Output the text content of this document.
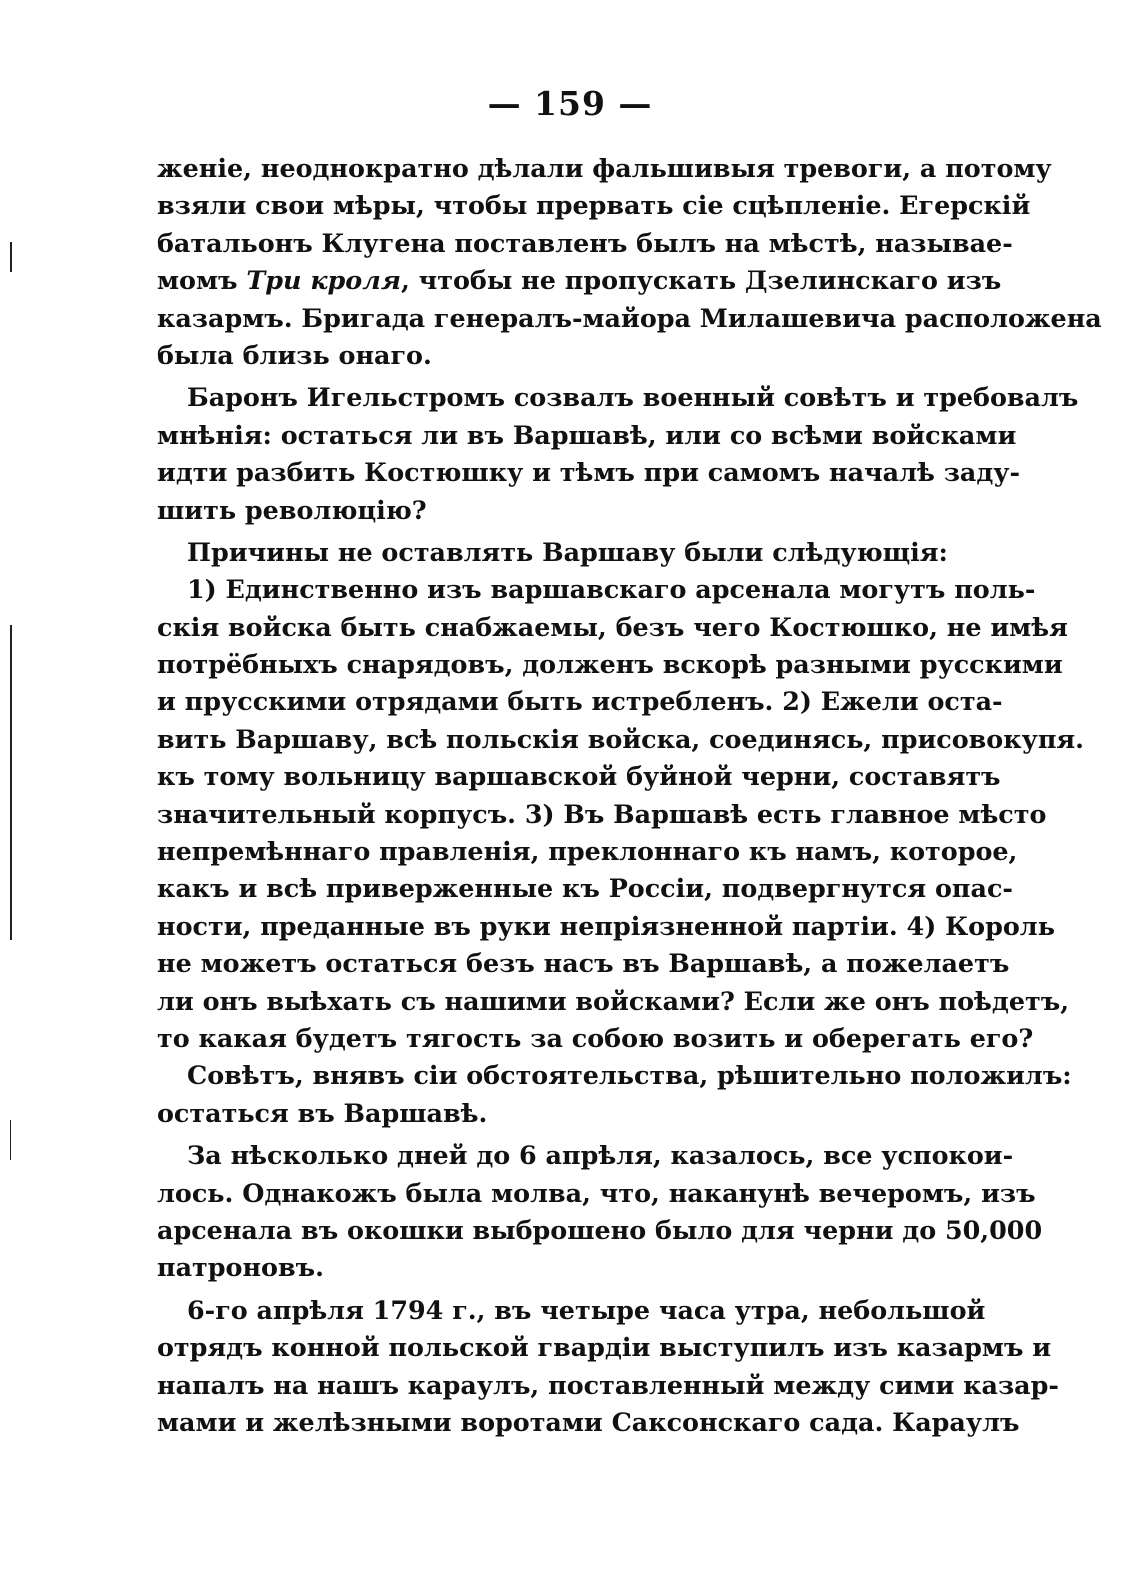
— 159 —
женіе, неоднократно дѣлали фальшивыя тревоги, а потому
взяли свои мѣры, чтобы прервать сіе сцѣпленіе. Егерскій
батальонъ Клугена поставленъ былъ на мѣстѣ, называе-
момъ Три кроля, чтобы не пропускать Дзелинскаго изъ
казармъ. Бригада генералъ-майора Милашевича расположена
была близь онаго.
Баронъ Игельстромъ созвалъ военный совѣтъ и требовалъ
мнѣнія: остаться ли въ Варшавѣ, или со всѣми войсками
идти разбить Костюшку и тѣмъ при самомъ началѣ заду-
шить революцію?
Причины не оставлять Варшаву были слѣдующія:
1) Единственно изъ варшавскаго арсенала могутъ поль-
скія войска быть снабжаемы, безъ чего Костюшко, не имѣя
потрёбныхъ снарядовъ, долженъ вскорѣ разными русскими
и прусскими отрядами быть истребленъ. 2) Ежели оста-
вить Варшаву, всѣ польскія войска, соединясь, присовокупя.
къ тому вольницу варшавской буйной черни, составятъ
значительный корпусъ. 3) Въ Варшавѣ есть главное мѣсто
непремѣннаго правленія, преклоннаго къ намъ, которое,
какъ и всѣ приверженные къ Россіи, подвергнутся опас-
ности, преданные въ руки непріязненной партіи. 4) Король
не можетъ остаться безъ насъ въ Варшавѣ, а пожелаетъ
ли онъ выѣхать съ нашими войсками? Если же онъ поѣдетъ,
то какая будетъ тягость за собою возить и оберегать его?
Совѣтъ, внявъ сіи обстоятельства, рѣшительно положилъ:
остаться въ Варшавѣ.
За нѣсколько дней до 6 апрѣля, казалось, все успокои-
лось. Однакожъ была молва, что, наканунѣ вечеромъ, изъ
арсенала въ окошки выброшено было для черни до 50,000
патроновъ.
6-го апрѣля 1794 г., въ четыре часа утра, небольшой
отрядъ конной польской гвардіи выступилъ изъ казармъ и
напалъ на нашъ караулъ, поставленный между сими казар-
мами и желѣзными воротами Саксонскаго сада. Караулъ
